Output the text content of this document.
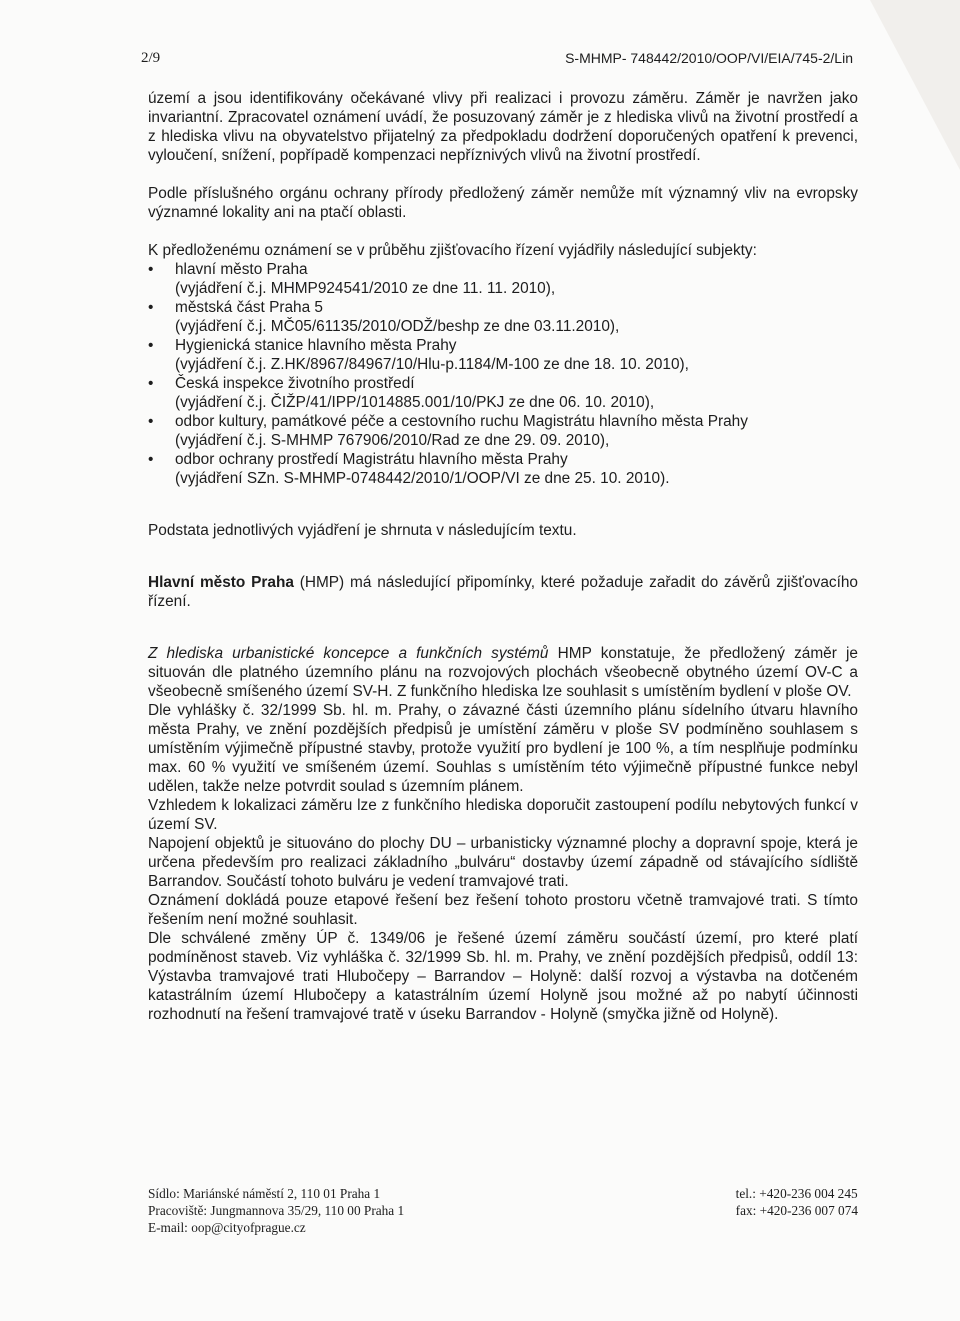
2/9	S-MHMP- 748442/2010/OOP/VI/EIA/745-2/Lin

území a jsou identifikovány očekávané vlivy při realizaci i provozu záměru. Záměr je navržen jako invariantní. Zpracovatel oznámení uvádí, že posuzovaný záměr je z hlediska vlivů na životní prostředí a z hlediska vlivu na obyvatelstvo přijatelný za předpokladu dodržení doporučených opatření k prevenci, vyloučení, snížení, popřípadě kompenzaci nepříznivých vlivů na životní prostředí.

Podle příslušného orgánu ochrany přírody předložený záměr nemůže mít významný vliv na evropsky významné lokality ani na ptačí oblasti.

K předloženému oznámení se v průběhu zjišťovacího řízení vyjádřily následující subjekty:

• hlavní město Praha
(vyjádření č.j. MHMP924541/2010 ze dne 11. 11. 2010),
• městská část Praha 5
(vyjádření č.j. MČ05/61135/2010/ODŽ/beshp ze dne 03.11.2010),
• Hygienická stanice hlavního města Prahy
(vyjádření č.j. Z.HK/8967/84967/10/Hlu-p.1184/M-100 ze dne 18. 10. 2010),
• Česká inspekce životního prostředí
(vyjádření č.j. ČIŽP/41/IPP/1014885.001/10/PKJ ze dne 06. 10. 2010),
• odbor kultury, památkové péče a cestovního ruchu Magistrátu hlavního města Prahy
(vyjádření č.j. S-MHMP 767906/2010/Rad ze dne 29. 09. 2010),
• odbor ochrany prostředí Magistrátu hlavního města Prahy
(vyjádření SZn. S-MHMP-0748442/2010/1/OOP/VI ze dne 25. 10. 2010).

Podstata jednotlivých vyjádření je shrnuta v následujícím textu.

Hlavní město Praha (HMP) má následující připomínky, které požaduje zařadit do závěrů zjišťovacího řízení.

Z hlediska urbanistické koncepce a funkčních systémů HMP konstatuje, že předložený záměr je situován dle platného územního plánu na rozvojových plochách všeobecně obytného území OV-C a všeobecně smíšeného území SV-H. Z funkčního hlediska lze souhlasit s umístěním bydlení v ploše OV.

Dle vyhlášky č. 32/1999 Sb. hl. m. Prahy, o závazné části územního plánu sídelního útvaru hlavního města Prahy, ve znění pozdějších předpisů je umístění záměru v ploše SV podmíněno souhlasem s umístěním výjimečně přípustné stavby, protože využití pro bydlení je 100 %, a tím nesplňuje podmínku max. 60 % využití ve smíšeném území. Souhlas s umístěním této výjimečně přípustné funkce nebyl udělen, takže nelze potvrdit soulad s územním plánem.

Vzhledem k lokalizaci záměru lze z funkčního hlediska doporučit zastoupení podílu nebytových funkcí v území SV.

Napojení objektů je situováno do plochy DU – urbanisticky významné plochy a dopravní spoje, která je určena především pro realizaci základního „bulváru“ dostavby území západně od stávajícího sídliště Barrandov. Součástí tohoto bulváru je vedení tramvajové trati.

Oznámení dokládá pouze etapové řešení bez řešení tohoto prostoru včetně tramvajové trati. S tímto řešením není možné souhlasit.

Dle schválené změny ÚP č. 1349/06 je řešené území záměru součástí území, pro které platí podmíněnost staveb. Viz vyhláška č. 32/1999 Sb. hl. m. Prahy, ve znění pozdějších předpisů, oddíl 13: Výstavba tramvajové trati Hlubočepy – Barrandov – Holyně: další rozvoj a výstavba na dotčeném katastrálním území Hlubočepy a katastrálním území Holyně jsou možné až po nabytí účinnosti rozhodnutí na řešení tramvajové tratě v úseku Barrandov - Holyně (smyčka jižně od Holyně).

Sídlo: Mariánské náměstí 2, 110 01 Praha 1
Pracoviště: Jungmannova 35/29, 110 00 Praha 1
E-mail: oop@cityofprague.cz
tel.: +420-236 004 245
fax: +420-236 007 074
